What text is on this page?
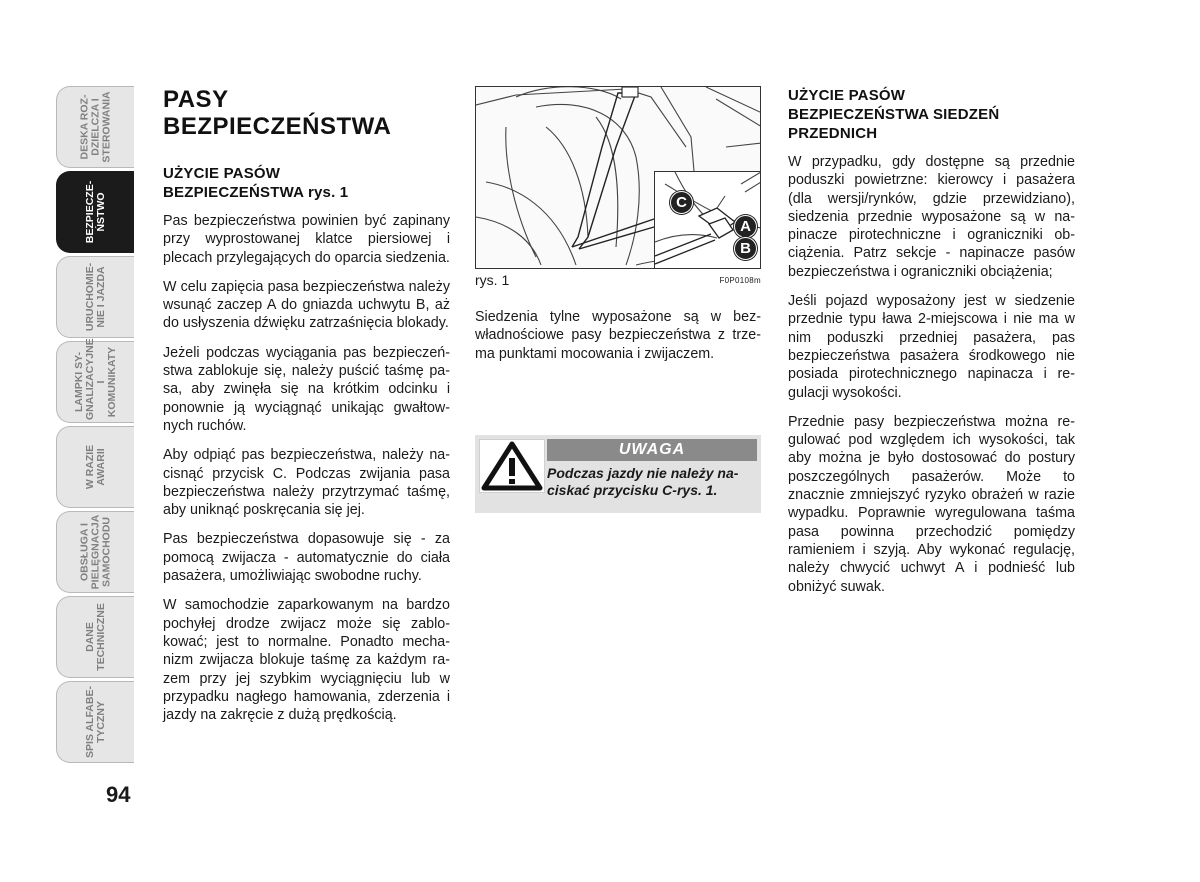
DESKA ROZ-
DZIELCZA I
STEROWANIA
BEZPIECZE-
ŃSTWO
URUCHOMIE-
NIE I JAZDA
LAMPKI SY-
GNALIZACYJNE
I KOMUNIKATY
W RAZIE
AWARII
OBSŁUGA I
PIELĘGNACJA
SAMOCHODU
DANE
TECHNICZNE
SPIS ALFABE-
TYCZNY
94
PASY
BEZPIECZEŃSTWA
UŻYCIE PASÓW
BEZPIECZEŃSTWA rys. 1

Pas bezpieczeństwa powinien być zapinany przy wyprostowanej klatce piersiowej i plecach przylegających do oparcia siedzenia.

W celu zapięcia pasa bezpieczeństwa należy wsunąć zaczep A do gniazda uchwytu B, aż do usłyszenia dźwięku zatrzaśnięcia blokady.

Jeżeli podczas wyciągania pas bezpieczeństwa zablokuje się, należy puścić taśmę pasa, aby zwinęła się na krótkim odcinku i ponownie ją wyciągnąć unikając gwałtownych ruchów.

Aby odpiąć pas bezpieczeństwa, należy nacisnąć przycisk C. Podczas zwijania pasa bezpieczeństwa należy przytrzymać taśmę, aby uniknąć poskręcania się jej.

Pas bezpieczeństwa dopasowuje się - za pomocą zwijacza - automatycznie do ciała pasażera, umożliwiając swobodne ruchy.

W samochodzie zaparkowanym na bardzo pochyłej drodze zwijacz może się zablokować; jest to normalne. Ponadto mechanizm zwijacza blokuje taśmę za każdym razem przy jej szybkim wyciągnięciu lub w przypadku nagłego hamowania, zderzenia i jazdy na zakręcie z dużą prędkością.

C
A
B
rys. 1	F0P0108m

Siedzenia tylne wyposażone są w bezwładnościowe pasy bezpieczeństwa z trzema punktami mocowania i zwijaczem.

UWAGA
Podczas jazdy nie należy naciskać przycisku C-rys. 1.
UŻYCIE PASÓW
BEZPIECZEŃSTWA SIEDZEŃ
PRZEDNICH

W przypadku, gdy dostępne są przednie poduszki powietrzne: kierowcy i pasażera (dla wersji/rynków, gdzie przewidziano), siedzenia przednie wyposażone są w napinacze pirotechniczne i ograniczniki obciążenia. Patrz sekcje - napinacze pasów bezpieczeństwa i ograniczniki obciążenia;

Jeśli pojazd wyposażony jest w siedzenie przednie typu ława 2-miejscowa i nie ma w nim poduszki przedniej pasażera, pas bezpieczeństwa pasażera środkowego nie posiada pirotechnicznego napinacza i regulacji wysokości.

Przednie pasy bezpieczeństwa można regulować pod względem ich wysokości, tak aby można je było dostosować do postury poszczególnych pasażerów. Może to znacznie zmniejszyć ryzyko obrażeń w razie wypadku. Poprawnie wyregulowana taśma pasa powinna przechodzić pomiędzy ramieniem i szyją. Aby wykonać regulację, należy chwycić uchwyt A i podnieść lub obniżyć suwak.
